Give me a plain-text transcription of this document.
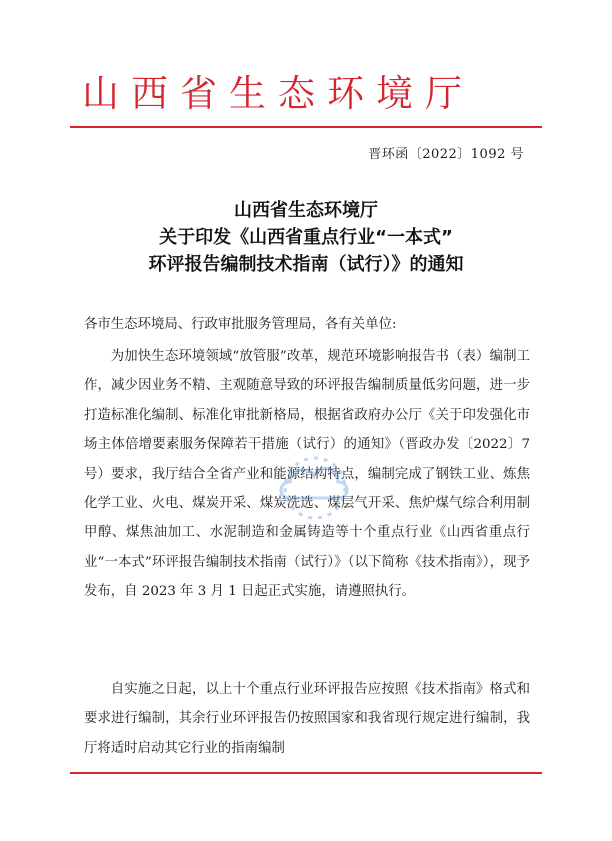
山西省生态环境厅

晋环函〔2022〕1092 号

山西省生态环境厅
关于印发《山西省重点行业“一本式”
环评报告编制技术指南（试行）》的通知

各市生态环境局、行政审批服务管理局，各有关单位:

为加快生态环境领域“放管服”改革，规范环境影响报告书（表）编制工作，减少因业务不精、主观随意导致的环评报告编制质量低劣问题，进一步打造标准化编制、标准化审批新格局，根据省政府办公厅《关于印发强化市场主体倍增要素服务保障若干措施（试行）的通知》（晋政办发〔2022〕7号）要求，我厅结合全省产业和能源结构特点，编制完成了钢铁工业、炼焦化学工业、火电、煤炭开采、煤炭洗选、煤层气开采、焦炉煤气综合利用制甲醇、煤焦油加工、水泥制造和金属铸造等十个重点行业《山西省重点行业“一本式”环评报告编制技术指南（试行）》（以下简称《技术指南》），现予发布，自 2023 年 3 月 1 日起正式实施，请遵照执行。

自实施之日起，以上十个重点行业环评报告应按照《技术指南》格式和要求进行编制，其余行业环评报告仍按照国家和我省现行规定进行编制，我厅将适时启动其它行业的指南编制
